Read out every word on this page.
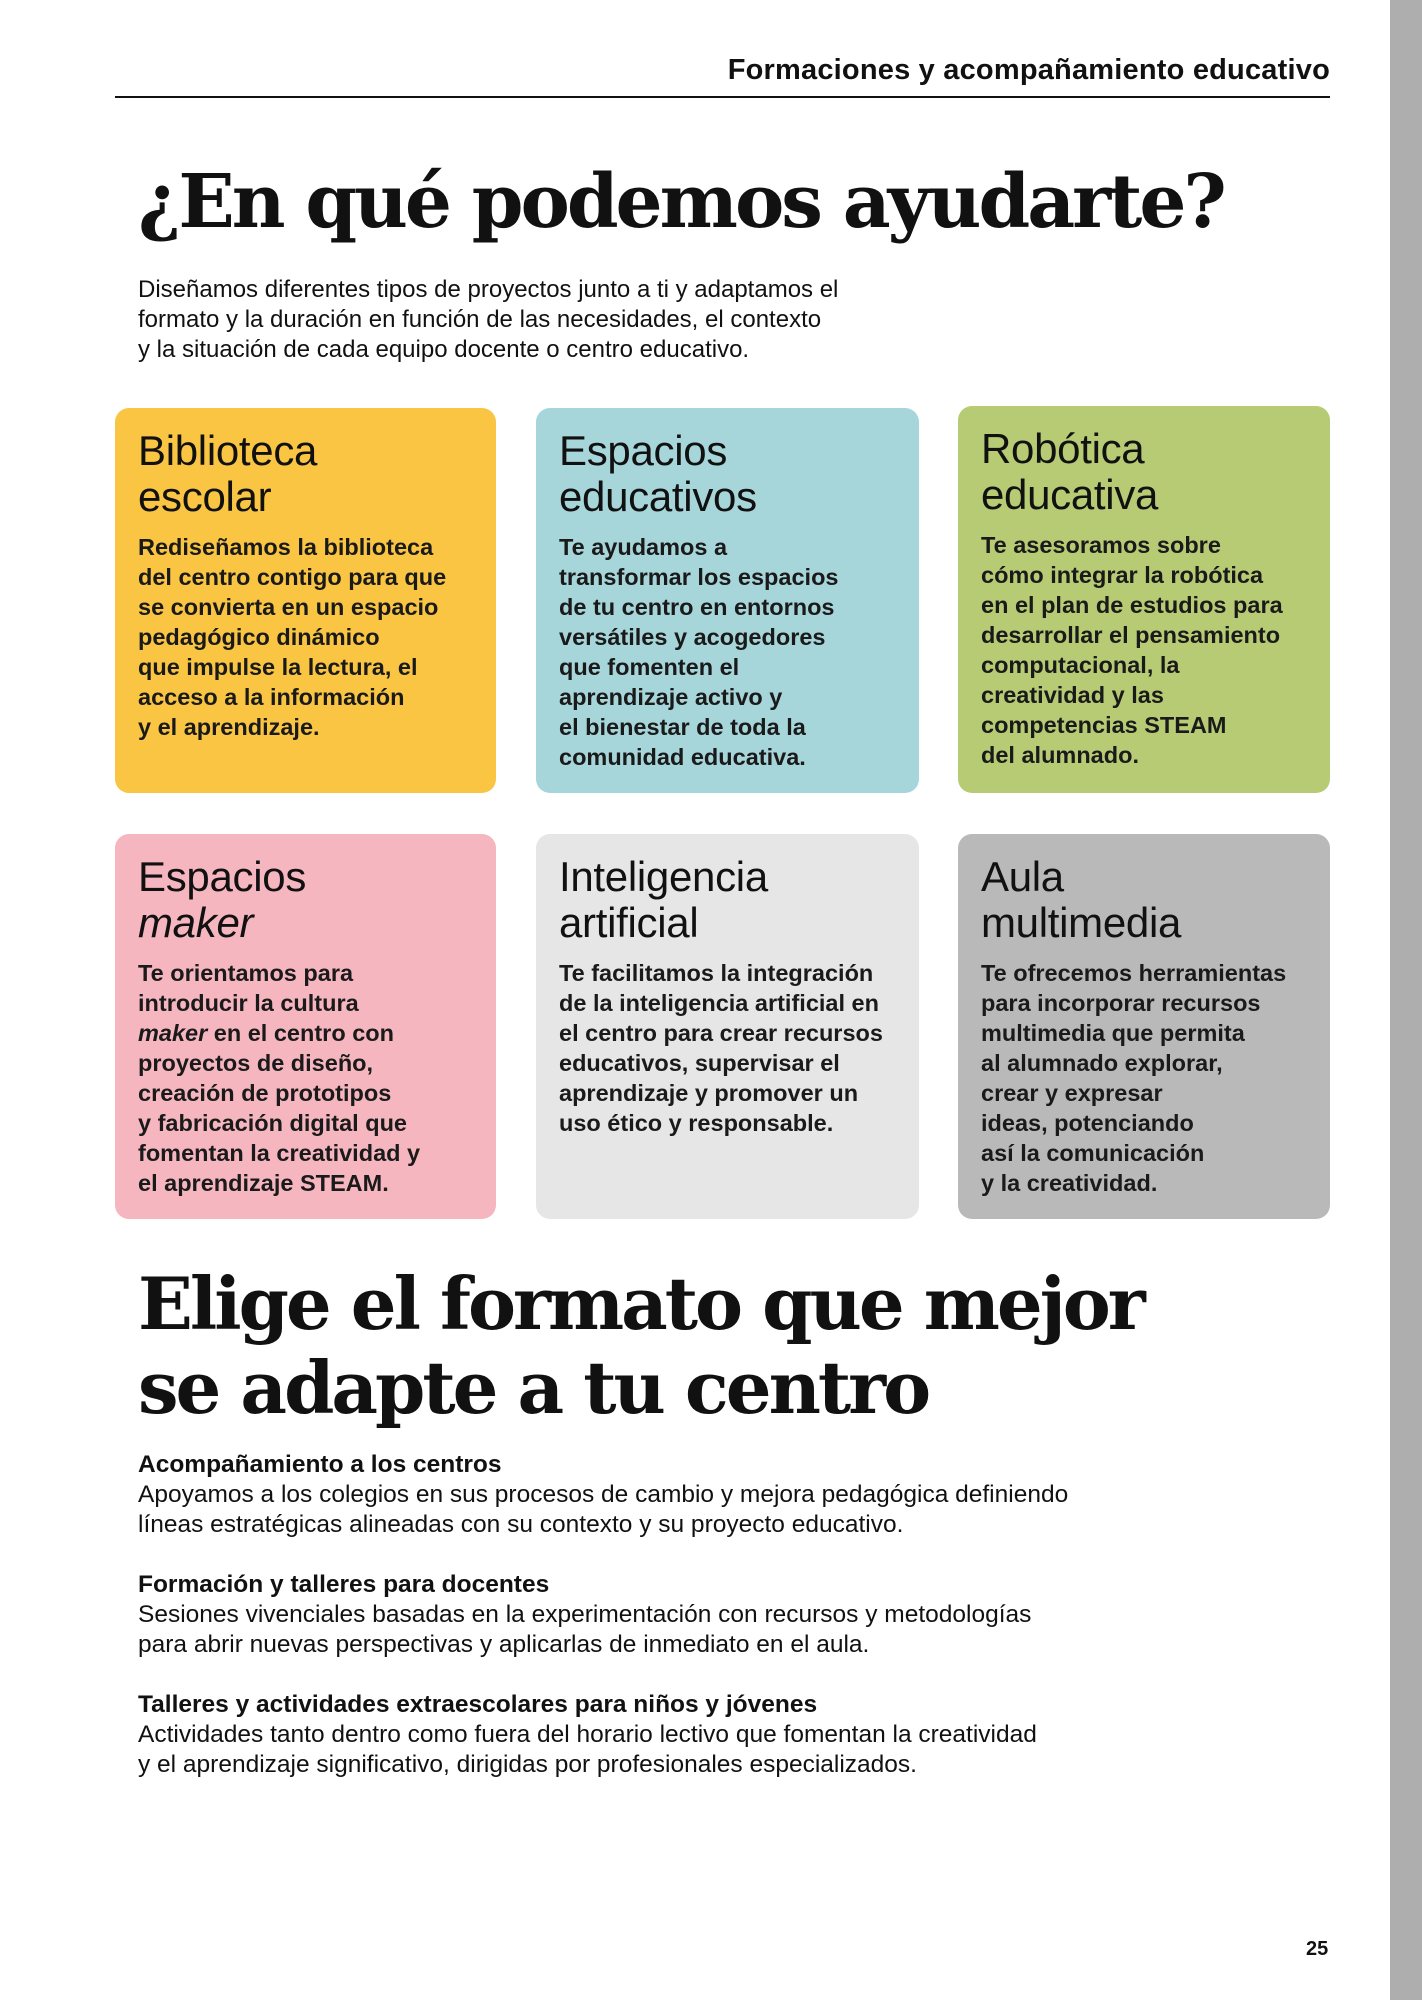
Formaciones y acompañamiento educativo
¿En qué podemos ayudarte?
Diseñamos diferentes tipos de proyectos junto a ti y adaptamos el
formato y la duración en función de las necesidades, el contexto
y la situación de cada equipo docente o centro educativo.
Biblioteca
escolar
Rediseñamos la biblioteca
del centro contigo para que
se convierta en un espacio
pedagógico dinámico
que impulse la lectura, el
acceso a la información
y el aprendizaje.
Espacios
educativos
Te ayudamos a
transformar los espacios
de tu centro en entornos
versátiles y acogedores
que fomenten el
aprendizaje activo y
el bienestar de toda la
comunidad educativa.
Robótica
educativa
Te asesoramos sobre
cómo integrar la robótica
en el plan de estudios para
desarrollar el pensamiento
computacional, la
creatividad y las
competencias STEAM
del alumnado.
Espacios
maker
Te orientamos para
introducir la cultura
maker en el centro con
proyectos de diseño,
creación de prototipos
y fabricación digital que
fomentan la creatividad y
el aprendizaje STEAM.
Inteligencia
artificial
Te facilitamos la integración
de la inteligencia artificial en
el centro para crear recursos
educativos, supervisar el
aprendizaje y promover un
uso ético y responsable.
Aula
multimedia
Te ofrecemos herramientas
para incorporar recursos
multimedia que permita
al alumnado explorar,
crear y expresar
ideas, potenciando
así la comunicación
y la creatividad.
Elige el formato que mejor
se adapte a tu centro
Acompañamiento a los centros
Apoyamos a los colegios en sus procesos de cambio y mejora pedagógica definiendo
líneas estratégicas alineadas con su contexto y su proyecto educativo.
Formación y talleres para docentes
Sesiones vivenciales basadas en la experimentación con recursos y metodologías
para abrir nuevas perspectivas y aplicarlas de inmediato en el aula.
Talleres y actividades extraescolares para niños y jóvenes
Actividades tanto dentro como fuera del horario lectivo que fomentan la creatividad
y el aprendizaje significativo, dirigidas por profesionales especializados.
25
